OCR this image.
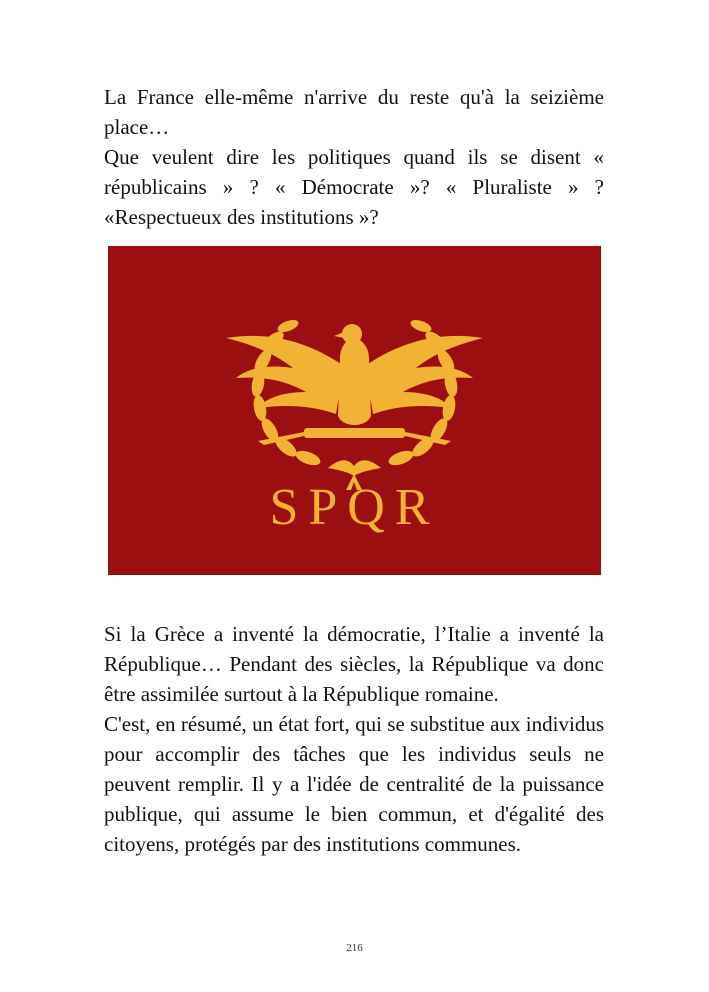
La France elle-même n'arrive du reste qu'à la seizième place…

Que veulent dire les politiques quand ils se disent « républicains » ? « Démocrate »? « Pluraliste » ? «Respectueux des institutions »?

SPQR

Si la Grèce a inventé la démocratie, l’Italie a inventé la République… Pendant des siècles, la République va donc être assimilée surtout à la République romaine.

C'est, en résumé, un état fort, qui se substitue aux individus pour accomplir des tâches que les individus seuls ne peuvent remplir. Il y a l'idée de centralité de la puissance publique, qui assume le bien commun, et d'égalité des citoyens, protégés par des institutions communes.

216
